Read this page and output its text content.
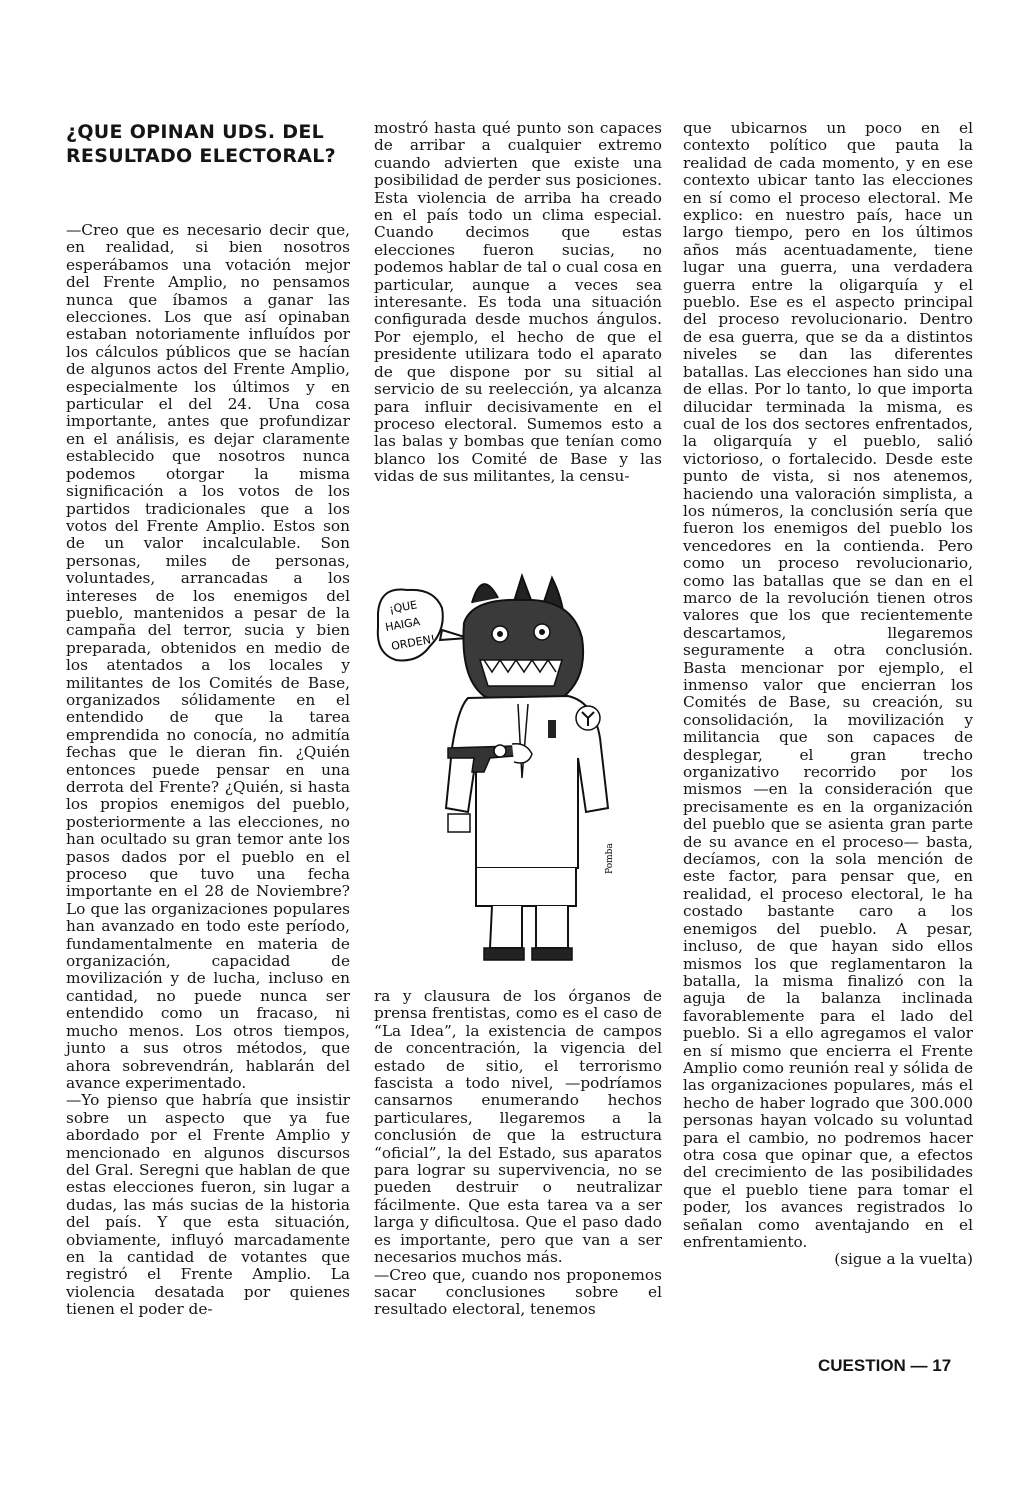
¿QUE OPINAN UDS. DEL RESULTADO ELECTORAL?

—Creo que es necesario decir que, en realidad, si bien nosotros esperábamos una votación mejor del Frente Amplio, no pensamos nunca que íbamos a ganar las elecciones. Los que así opinaban estaban notoriamente influídos por los cálculos públicos que se hacían de algunos actos del Frente Amplio, especialmente los últimos y en particular el del 24. Una cosa importante, antes que profundizar en el análisis, es dejar claramente establecido que nosotros nunca podemos otorgar la misma significación a los votos de los partidos tradicionales que a los votos del Frente Amplio. Estos son de un valor incalculable. Son personas, miles de personas, voluntades, arrancadas a los intereses de los enemigos del pueblo, mantenidos a pesar de la campaña del terror, sucia y bien preparada, obtenidos en medio de los atentados a los locales y militantes de los Comités de Base, organizados sólidamente en el entendido de que la tarea emprendida no conocía, no admitía fechas que le dieran fin. ¿Quién entonces puede pensar en una derrota del Frente? ¿Quién, si hasta los propios enemigos del pueblo, posteriormente a las elecciones, no han ocultado su gran temor ante los pasos dados por el pueblo en el proceso que tuvo una fecha importante en el 28 de Noviembre? Lo que las organizaciones populares han avanzado en todo este período, fundamentalmente en materia de organización, capacidad de movilización y de lucha, incluso en cantidad, no puede nunca ser entendido como un fracaso, ni mucho menos. Los otros tiempos, junto a sus otros métodos, que ahora sobrevendrán, hablarán del avance experimentado.

—Yo pienso que habría que insistir sobre un aspecto que ya fue abordado por el Frente Amplio y mencionado en algunos discursos del Gral. Seregni que hablan de que estas elecciones fueron, sin lugar a dudas, las más sucias de la historia del país. Y que esta situación, obviamente, influyó marcadamente en la cantidad de votantes que registró el Frente Amplio. La violencia desatada por quienes tienen el poder de-

mostró hasta qué punto son capaces de arribar a cualquier extremo cuando advierten que existe una posibilidad de perder sus posiciones. Esta violencia de arriba ha creado en el país todo un clima especial. Cuando decimos que estas elecciones fueron sucias, no podemos hablar de tal o cual cosa en particular, aunque a veces sea interesante. Es toda una situación configurada desde muchos ángulos. Por ejemplo, el hecho de que el presidente utilizara todo el aparato de que dispone por su sitial al servicio de su reelección, ya alcanza para influir decisivamente en el proceso electoral. Sumemos esto a las balas y bombas que tenían como blanco los Comité de Base y las vidas de sus militantes, la censu-

¡QUE
HAIGA
ORDEN!
Pomba

ra y clausura de los órganos de prensa frentistas, como es el caso de “La Idea”, la existencia de campos de concentración, la vigencia del estado de sitio, el terrorismo fascista a todo nivel, —podríamos cansarnos enumerando hechos particulares, llegaremos a la conclusión de que la estructura “oficial”, la del Estado, sus aparatos para lograr su supervivencia, no se pueden destruir o neutralizar fácilmente. Que esta tarea va a ser larga y dificultosa. Que el paso dado es importante, pero que van a ser necesarios muchos más.

—Creo que, cuando nos proponemos sacar conclusiones sobre el resultado electoral, tenemos

que ubicarnos un poco en el contexto político que pauta la realidad de cada momento, y en ese contexto ubicar tanto las elecciones en sí como el proceso electoral. Me explico: en nuestro país, hace un largo tiempo, pero en los últimos años más acentuadamente, tiene lugar una guerra, una verdadera guerra entre la oligarquía y el pueblo. Ese es el aspecto principal del proceso revolucionario. Dentro de esa guerra, que se da a distintos niveles se dan las diferentes batallas. Las elecciones han sido una de ellas. Por lo tanto, lo que importa dilucidar terminada la misma, es cual de los dos sectores enfrentados, la oligarquía y el pueblo, salió victorioso, o fortalecido. Desde este punto de vista, si nos atenemos, haciendo una valoración simplista, a los números, la conclusión sería que fueron los enemigos del pueblo los vencedores en la contienda. Pero como un proceso revolucionario, como las batallas que se dan en el marco de la revolución tienen otros valores que los que recientemente descartamos, llegaremos seguramente a otra conclusión. Basta mencionar por ejemplo, el inmenso valor que encierran los Comités de Base, su creación, su consolidación, la movilización y militancia que son capaces de desplegar, el gran trecho organizativo recorrido por los mismos —en la consideración que precisamente es en la organización del pueblo que se asienta gran parte de su avance en el proceso— basta, decíamos, con la sola mención de este factor, para pensar que, en realidad, el proceso electoral, le ha costado bastante caro a los enemigos del pueblo. A pesar, incluso, de que hayan sido ellos mismos los que reglamentaron la batalla, la misma finalizó con la aguja de la balanza inclinada favorablemente para el lado del pueblo. Si a ello agregamos el valor en sí mismo que encierra el Frente Amplio como reunión real y sólida de las organizaciones populares, más el hecho de haber logrado que 300.000 personas hayan volcado su voluntad para el cambio, no podremos hacer otra cosa que opinar que, a efectos del crecimiento de las posibilidades que el pueblo tiene para tomar el poder, los avances registrados lo señalan como aventajando en el enfrentamiento.

(sigue a la vuelta)

CUESTION — 17
